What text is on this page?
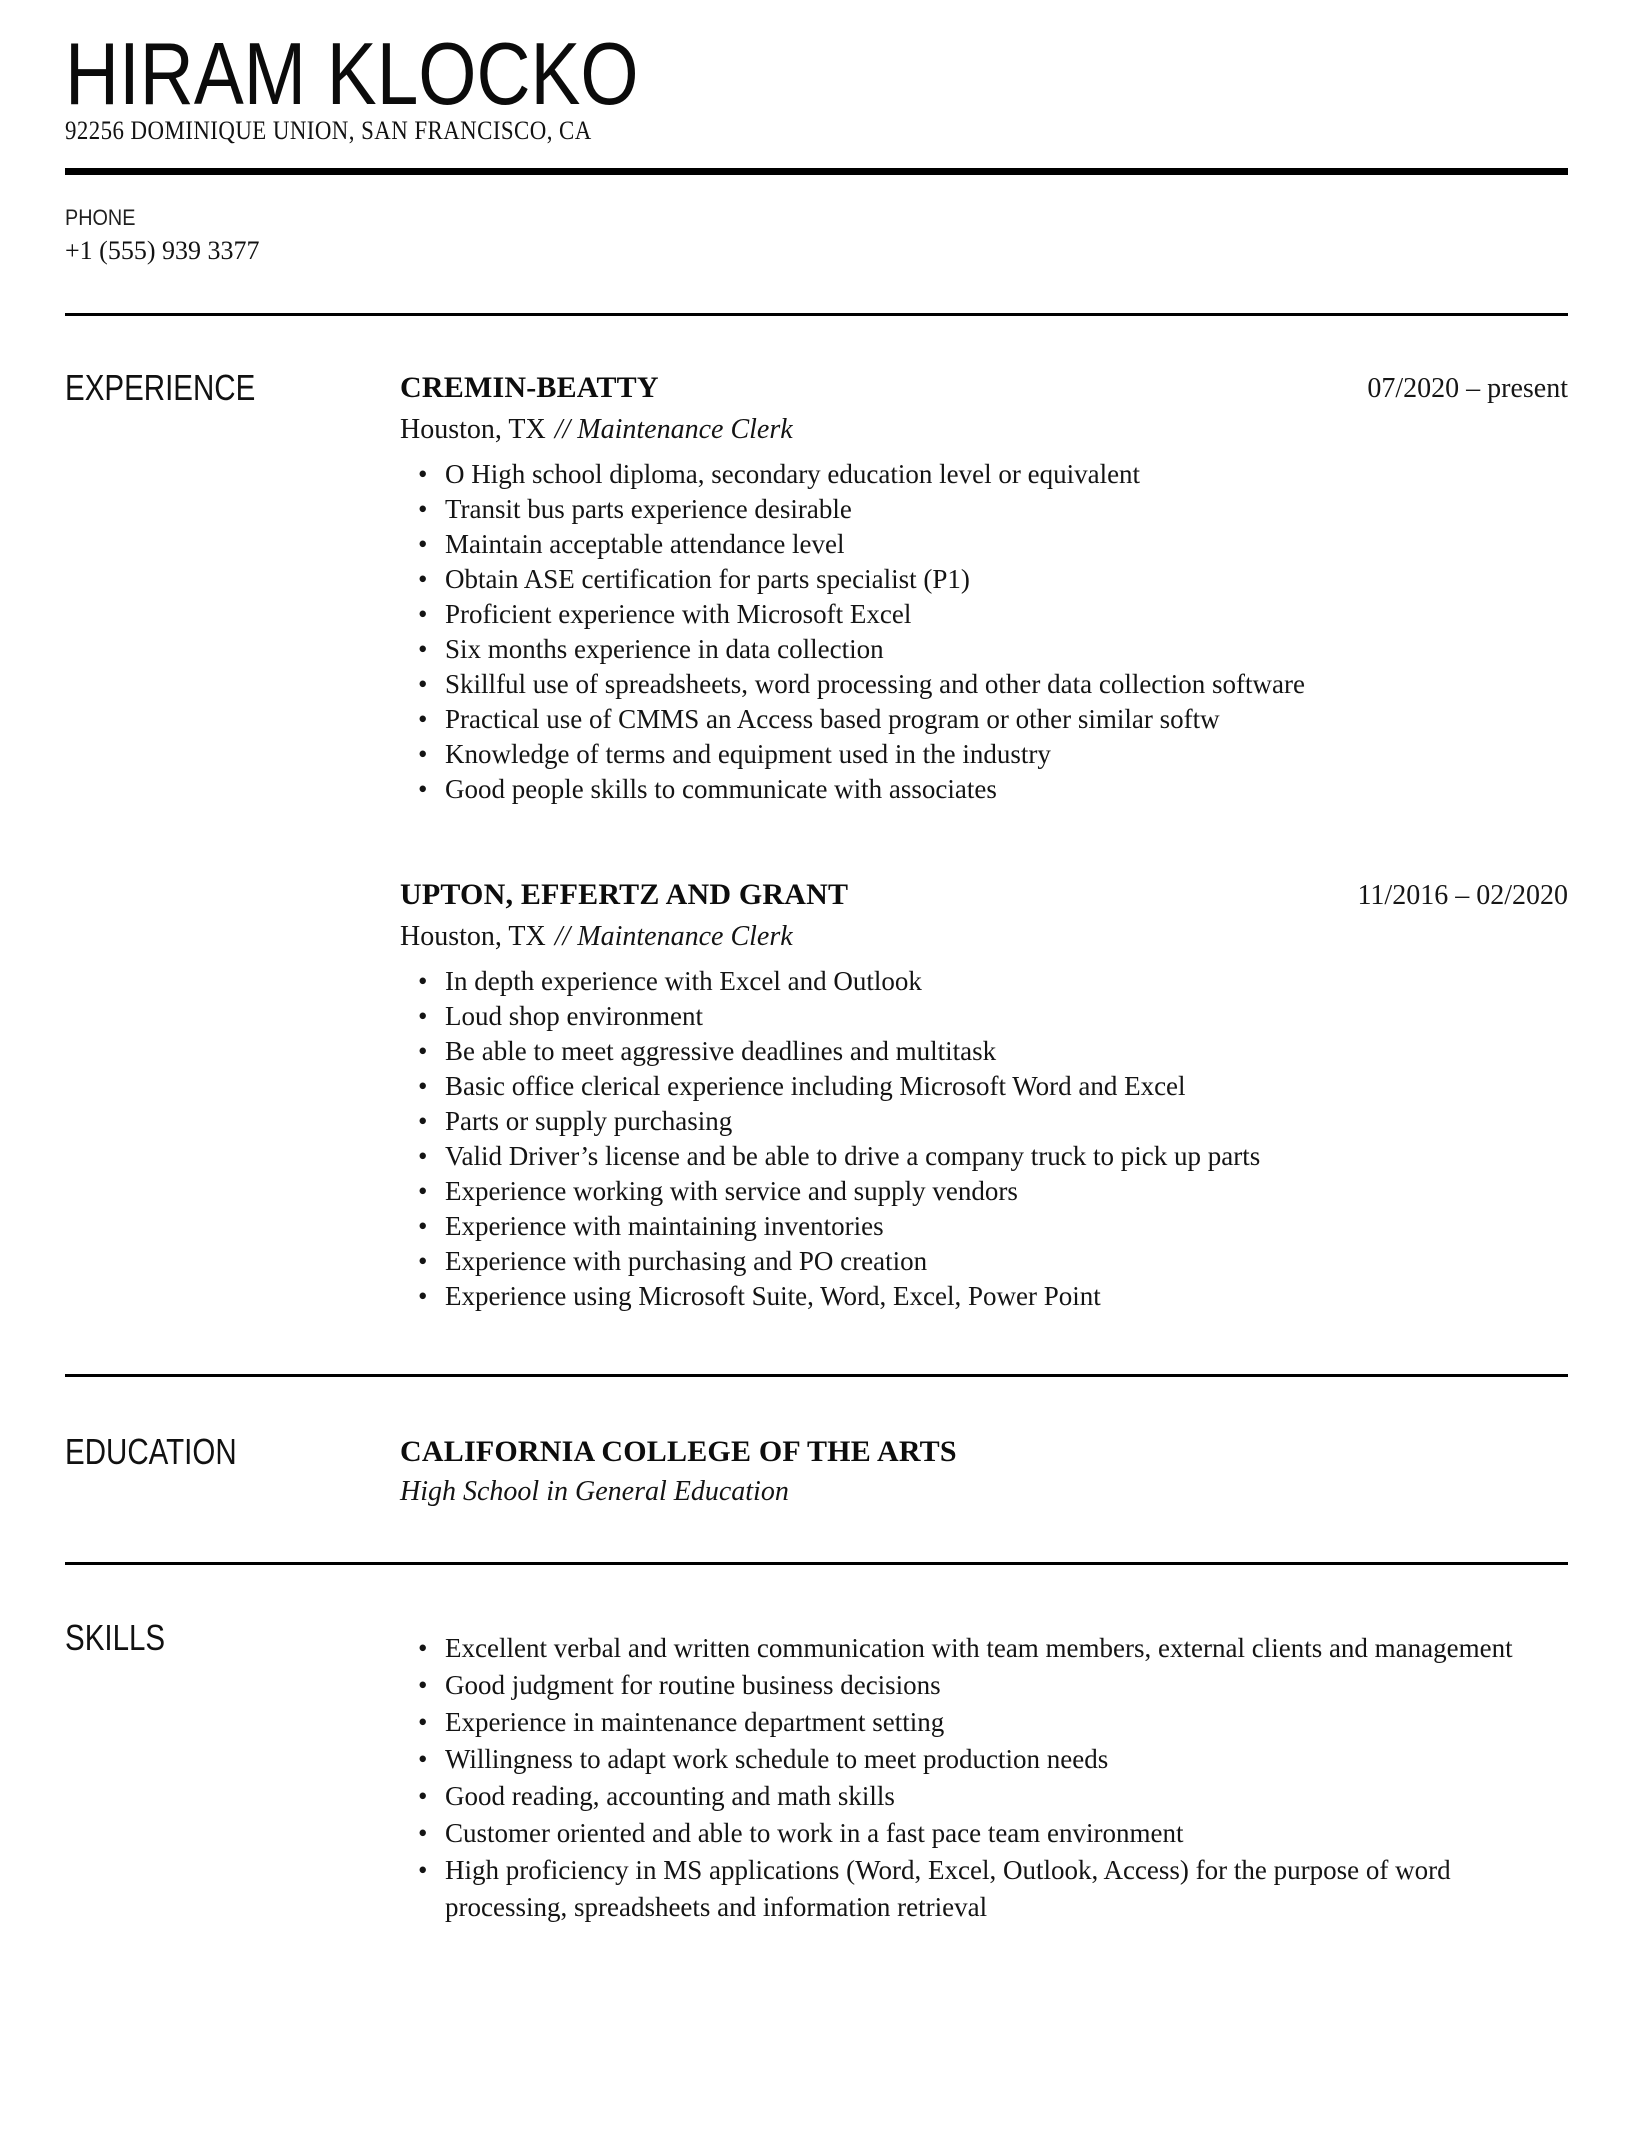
HIRAM KLOCKO
92256 DOMINIQUE UNION, SAN FRANCISCO, CA
PHONE
+1 (555) 939 3377
EXPERIENCE	CREMIN-BEATTY	07/2020 – present
Houston, TX // Maintenance Clerk
• O High school diploma, secondary education level or equivalent
• Transit bus parts experience desirable
• Maintain acceptable attendance level
• Obtain ASE certification for parts specialist (P1)
• Proficient experience with Microsoft Excel
• Six months experience in data collection
• Skillful use of spreadsheets, word processing and other data collection software
• Practical use of CMMS an Access based program or other similar softw
• Knowledge of terms and equipment used in the industry
• Good people skills to communicate with associates
UPTON, EFFERTZ AND GRANT	11/2016 – 02/2020
Houston, TX // Maintenance Clerk
• In depth experience with Excel and Outlook
• Loud shop environment
• Be able to meet aggressive deadlines and multitask
• Basic office clerical experience including Microsoft Word and Excel
• Parts or supply purchasing
• Valid Driver’s license and be able to drive a company truck to pick up parts
• Experience working with service and supply vendors
• Experience with maintaining inventories
• Experience with purchasing and PO creation
• Experience using Microsoft Suite, Word, Excel, Power Point
EDUCATION	CALIFORNIA COLLEGE OF THE ARTS
High School in General Education
SKILLS	• Excellent verbal and written communication with team members, external clients and management
• Good judgment for routine business decisions
• Experience in maintenance department setting
• Willingness to adapt work schedule to meet production needs
• Good reading, accounting and math skills
• Customer oriented and able to work in a fast pace team environment
• High proficiency in MS applications (Word, Excel, Outlook, Access) for the purpose of word processing, spreadsheets and information retrieval
